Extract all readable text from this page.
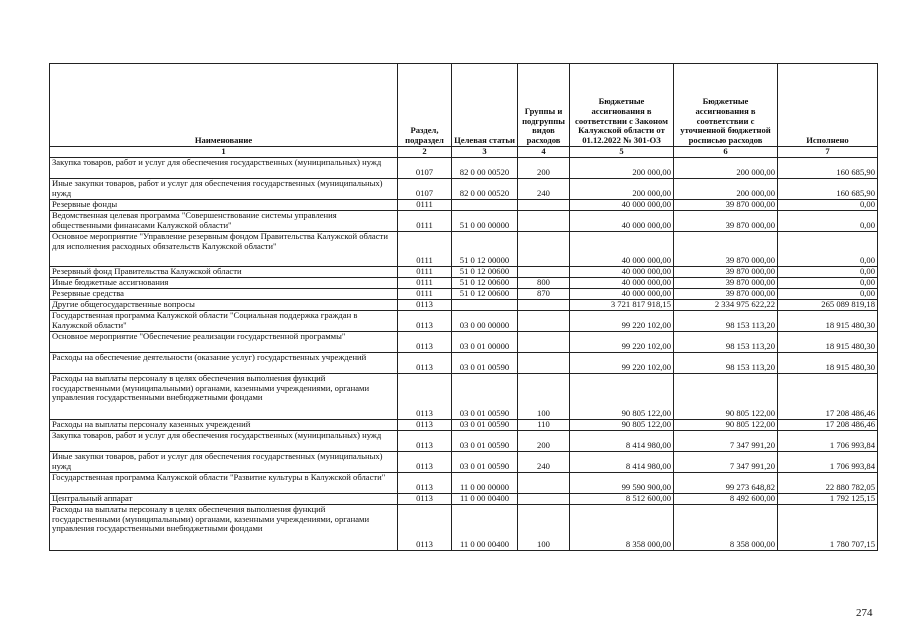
Наименование	Раздел, подраздел	Целевая статьи	Группы и подгруппы видов расходов	Бюджетные ассигнования в соответствии с Законом Калужской области от 01.12.2022 № 301-ОЗ	Бюджетные ассигнования в соответствии с уточненной бюджетной росписью расходов	Исполнено
1	2	3	4	5	6	7
Закупка товаров, работ и услуг для обеспечения государственных (муниципальных) нужд	0107	82 0 00 00520	200	200 000,00	200 000,00	160 685,90
Иные закупки товаров, работ и услуг для обеспечения государственных (муниципальных) нужд	0107	82 0 00 00520	240	200 000,00	200 000,00	160 685,90
Резервные фонды	0111			40 000 000,00	39 870 000,00	0,00
Ведомственная целевая программа "Совершенствование системы управления общественными финансами Калужской области"	0111	51 0 00 00000		40 000 000,00	39 870 000,00	0,00
Основное мероприятие "Управление резервным фондом Правительства Калужской области для исполнения расходных обязательств Калужской области"	0111	51 0 12 00000		40 000 000,00	39 870 000,00	0,00
Резервный фонд Правительства Калужской области	0111	51 0 12 00600		40 000 000,00	39 870 000,00	0,00
Иные бюджетные ассигнования	0111	51 0 12 00600	800	40 000 000,00	39 870 000,00	0,00
Резервные средства	0111	51 0 12 00600	870	40 000 000,00	39 870 000,00	0,00
Другие общегосударственные вопросы	0113			3 721 817 918,15	2 334 975 622,22	265 089 819,18
Государственная программа Калужской области "Социальная поддержка граждан в Калужской области"	0113	03 0 00 00000		99 220 102,00	98 153 113,20	18 915 480,30
Основное мероприятие "Обеспечение реализации государственной программы"	0113	03 0 01 00000		99 220 102,00	98 153 113,20	18 915 480,30
Расходы на обеспечение деятельности (оказание услуг) государственных учреждений	0113	03 0 01 00590		99 220 102,00	98 153 113,20	18 915 480,30
Расходы на выплаты персоналу в целях обеспечения выполнения функций государственными (муниципальными) органами, казенными учреждениями, органами управления государственными внебюджетными фондами	0113	03 0 01 00590	100	90 805 122,00	90 805 122,00	17 208 486,46
Расходы на выплаты персоналу казенных учреждений	0113	03 0 01 00590	110	90 805 122,00	90 805 122,00	17 208 486,46
Закупка товаров, работ и услуг для обеспечения государственных (муниципальных) нужд	0113	03 0 01 00590	200	8 414 980,00	7 347 991,20	1 706 993,84
Иные закупки товаров, работ и услуг для обеспечения государственных (муниципальных) нужд	0113	03 0 01 00590	240	8 414 980,00	7 347 991,20	1 706 993,84
Государственная программа Калужской области "Развитие культуры в Калужской области"	0113	11 0 00 00000		99 590 900,00	99 273 648,82	22 880 782,05
Центральный аппарат	0113	11 0 00 00400		8 512 600,00	8 492 600,00	1 792 125,15
Расходы на выплаты персоналу в целях обеспечения выполнения функций государственными (муниципальными) органами, казенными учреждениями, органами управления государственными внебюджетными фондами	0113	11 0 00 00400	100	8 358 000,00	8 358 000,00	1 780 707,15
274
